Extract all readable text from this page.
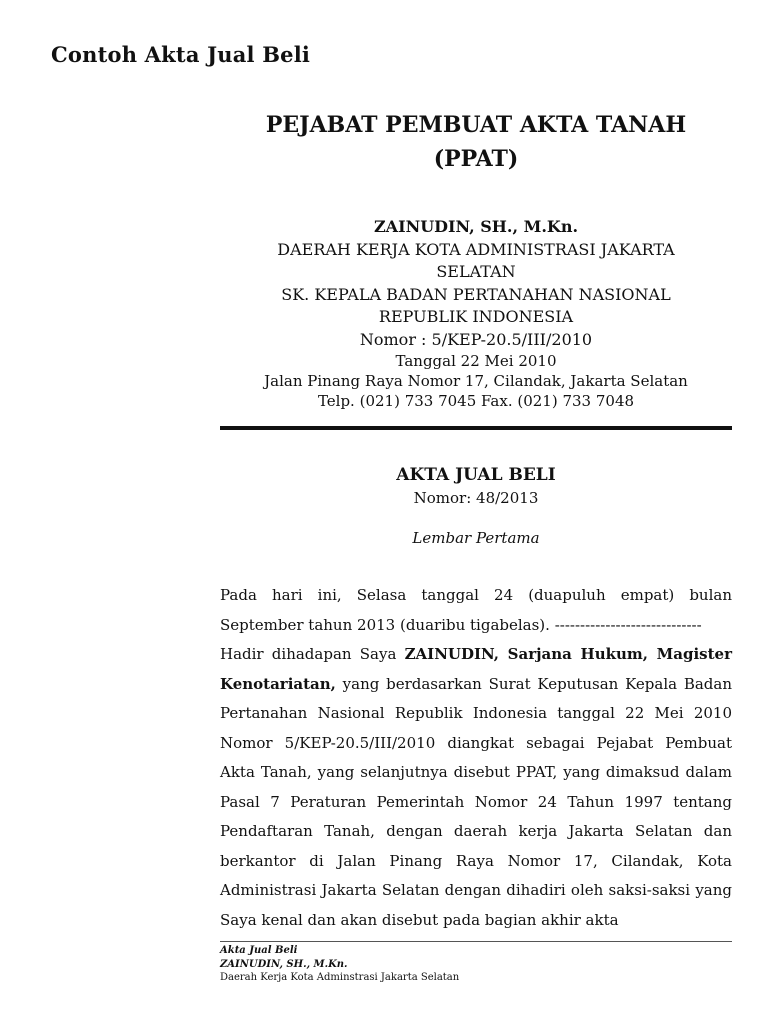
Contoh Akta Jual Beli
PEJABAT PEMBUAT AKTA TANAH
(PPAT)
ZAINUDIN, SH., M.Kn.
DAERAH KERJA KOTA ADMINISTRASI JAKARTA
SELATAN
SK. KEPALA BADAN PERTANAHAN NASIONAL
REPUBLIK INDONESIA
Nomor : 5/KEP-20.5/III/2010
Tanggal 22 Mei 2010
Jalan Pinang Raya Nomor 17, Cilandak, Jakarta Selatan
Telp. (021) 733 7045 Fax. (021) 733 7048
AKTA JUAL BELI
Nomor: 48/2013
Lembar Pertama

Pada hari ini, Selasa tanggal 24 (duapuluh empat) bulan September tahun 2013 (duaribu tigabelas). -----------------------------

Hadir dihadapan Saya ZAINUDIN, Sarjana Hukum, Magister Kenotariatan, yang berdasarkan Surat Keputusan Kepala Badan Pertanahan Nasional Republik Indonesia tanggal 22 Mei 2010 Nomor 5/KEP-20.5/III/2010 diangkat sebagai Pejabat Pembuat Akta Tanah, yang selanjutnya disebut PPAT, yang dimaksud dalam Pasal 7 Peraturan Pemerintah Nomor 24 Tahun 1997 tentang Pendaftaran Tanah, dengan daerah kerja Jakarta Selatan dan berkantor di Jalan Pinang Raya Nomor 17, Cilandak, Kota Administrasi Jakarta Selatan dengan dihadiri oleh saksi-saksi yang Saya kenal dan akan disebut pada bagian akhir akta

Akta Jual Beli
ZAINUDIN, SH., M.Kn.
Daerah Kerja Kota Adminstrasi Jakarta Selatan
